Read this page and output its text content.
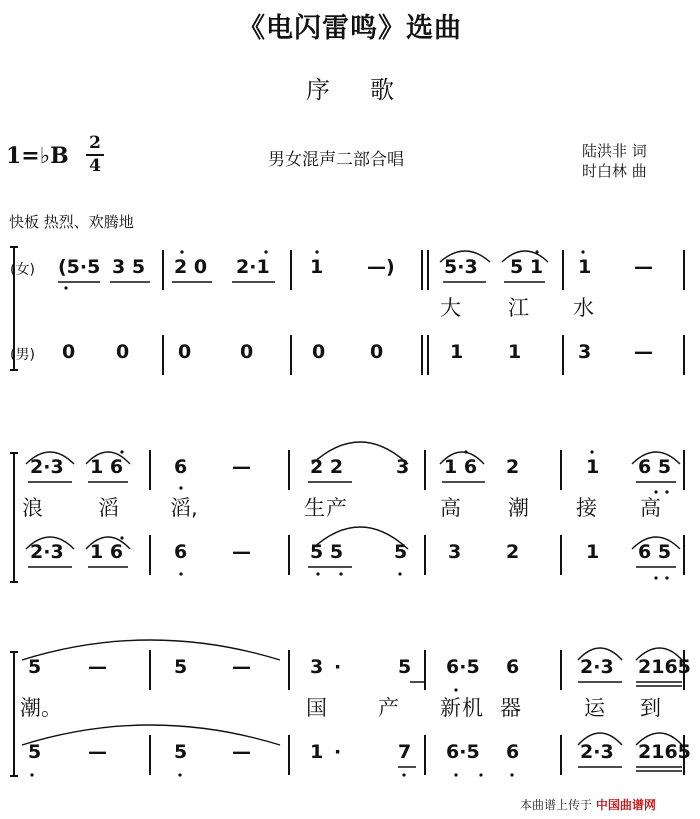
《电闪雷鸣》选曲
序歌
1=♭B 2
4	男女混声二部合唱	陆洪非 词
时白林 曲
快板 热烈、欢腾地
(女)
(男)
(5·5 3 5 2 0 2·1 1 —)	5·3 5 1 1 —
大 江 水
0 0	0	0	0 0	1 1	3 —
2·3 1 6	6 —	2 2	3 1 6 2	1 6 5
浪	滔 滔,	生 产	高 潮 接 高
2·3 1 6	6 —	5 5	5 3 2	1 6 5
5 —	5 —	3 ·	5 6·5 6	2·3 2165
潮。	国 产 新 机 器	运 到
5 —	5 —	1 ·	7 6·5 6	2·3 2165
本曲谱上传于 中国曲谱网
